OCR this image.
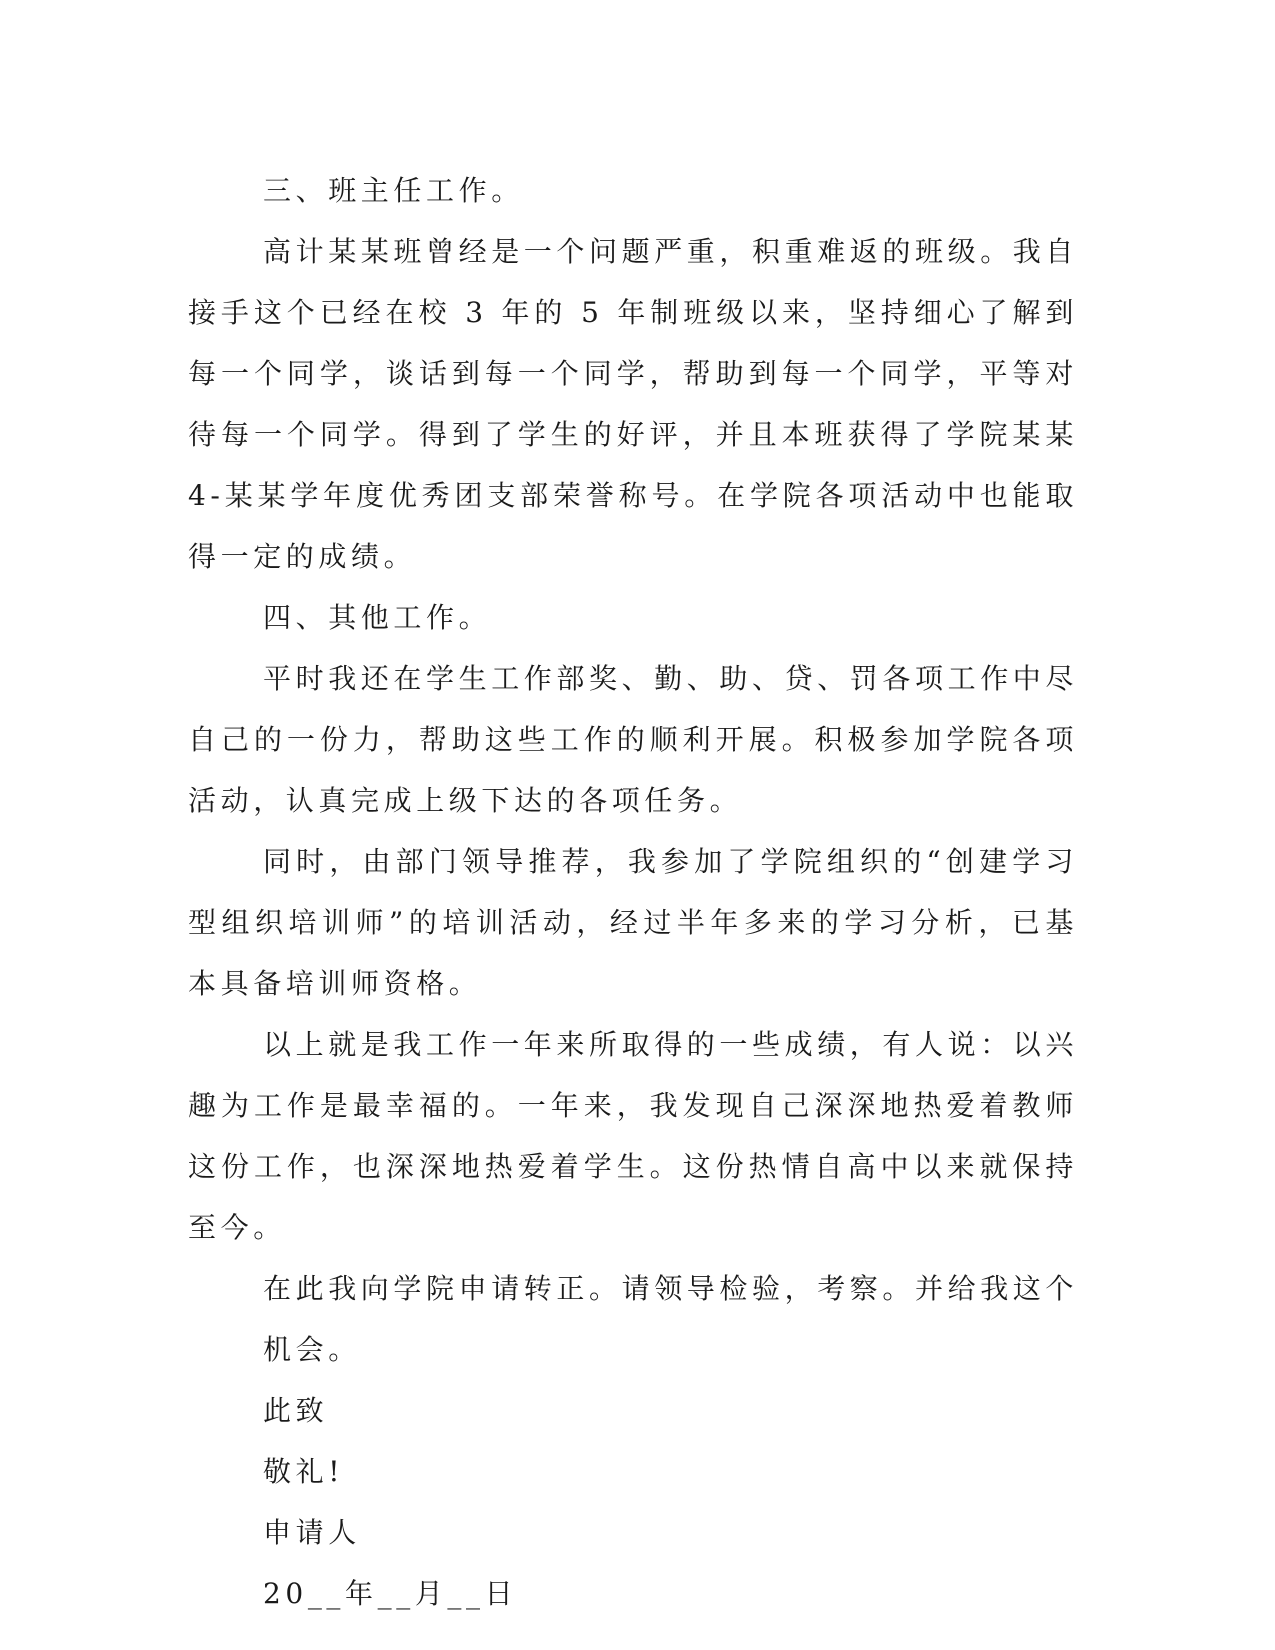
三、班主任工作。

高计某某班曾经是一个问题严重，积重难返的班级。我自接手这个已经在校 3 年的 5 年制班级以来，坚持细心了解到每一个同学，谈话到每一个同学，帮助到每一个同学，平等对待每一个同学。得到了学生的好评，并且本班获得了学院某某 4-某某学年度优秀团支部荣誉称号。在学院各项活动中也能取得一定的成绩。

四、其他工作。

平时我还在学生工作部奖、勤、助、贷、罚各项工作中尽自己的一份力，帮助这些工作的顺利开展。积极参加学院各项活动，认真完成上级下达的各项任务。

同时，由部门领导推荐，我参加了学院组织的“创建学习型组织培训师”的培训活动，经过半年多来的学习分析，已基本具备培训师资格。

以上就是我工作一年来所取得的一些成绩，有人说：以兴趣为工作是最幸福的。一年来，我发现自己深深地热爱着教师这份工作，也深深地热爱着学生。这份热情自高中以来就保持至今。

在此我向学院申请转正。请领导检验，考察。并给我这个机会。

此致

敬礼!

申请人

20__年__月__日
